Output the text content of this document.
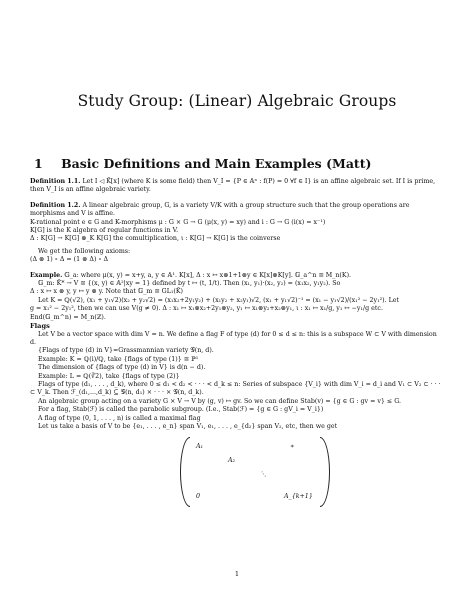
Study Group: (Linear) Algebraic Groups
1 Basic Definitions and Main Examples (Matt)

Definition 1.1. Let I ◁ K̄[x] (where K is some field) then V_I = {P ∈ 𝔸ⁿ : f(P) = 0 ∀f ∈ I} is an affine algebraic set. If I is prime, then V_I is an affine algebraic variety.

Definition 1.2. A linear algebraic group, G, is a variety V/K with a group structure such that the group operations are morphisms and V is affine.

K-rational point e ∈ G and K-morphisms μ : G × G → G (μ(x, y) = xy) and i : G → G (i(x) = x⁻¹)

K[G] is the K algebra of regular functions in V.

Δ : K[G] → K[G] ⊗_K K[G] the comultiplication, ι : K[G] → K[G] is the coinverse

We get the following axioms:

(Δ ⊗ 1) ∘ Δ = (1 ⊗ Δ) ∘ Δ

Example. 𝔾_a: where μ(x, y) = x+y, a, y ∈ 𝔸¹. K[x], Δ : x ↦ x⊗1+1⊗y ∈ K[x]⊗K[y]. 𝔾_a^n ≅ M_n(K).

𝔾_m: K̄* → V ≅ {(x, y) ∈ 𝔸²|xy = 1} defined by t ↦ (t, 1/t). Then (x₁, y₁)·(x₂, y₂) = (x₁x₂, y₁y₂). So

Δ : x ↦ x ⊗ y, y ↦ y ⊗ y. Note that 𝔾_m ≅ GL₁(K̄)

Let K = ℚ(√2), (x₁ + y₁√2)(x₂ + y₂√2) = (x₁x₂+2y₁y₂) + (x₁y₂ + x₂y₁)√2, (x₁ + y₁√2)⁻¹ = (x₁ − y₁√2)/(x₁² − 2y₁²). Let

g = x₁² − 2y₁², then we can use V(g ≠ 0). Δ : x₁ ↦ x₁⊗x₂+2y₁⊗y₂, y₁ ↦ x₁⊗y₂+x₂⊗y₁, ι : x₁ ↦ x₁/g, y₁ ↦ −y₁/g etc.

End(𝔾_m^n) = M_n(ℤ).

Flags

Let V be a vector space with dim V = n. We define a flag F of type (d) for 0 ≤ d ≤ n: this is a subspace W ⊂ V with dimension d.

{Flags of type (d) in V}=Grassmannian variety 𝒢(n, d).

Example: K = ℚ(i)/ℚ, take {flags of type (1)} ≅ ℙ¹

The dimension of {flags of type (d) in V} is d(n − d).

Example: L = ℚ(∛2), take {flags of type (2)}

Flags of type (d₁, . . . , d_k), where 0 ≤ d₁ < d₂ < · · · < d_k ≤ n: Series of subspace {V_i} with dim V_i = d_i and V₁ ⊂ V₂ ⊂ · · · ⊂ V_k. Then ℱ_(d₁,...,d_k) ⊆ 𝒢(n, d₁) × · · · × 𝒢(n, d_k).

An algebraic group acting on a variety G × V → V by (g, v) ↦ gv. So we can define Stab(v) = {g ∈ G : gv = v} ≤ G.

For a flag, Stab(ℱ) is called the parabolic subgroup. (I.e., Stab(ℱ) = {g ∈ G : gV_i = V_i})

A flag of type (0, 1, . . . , n) is called a maximal flag

Let us take a basis of V to be {e₁, . . . , e_n} span V₁, e₁, . . . , e_{d₂} span V₂, etc, then we get

A₁	∗
A₂
⋱
0	A_{k+1}
1
